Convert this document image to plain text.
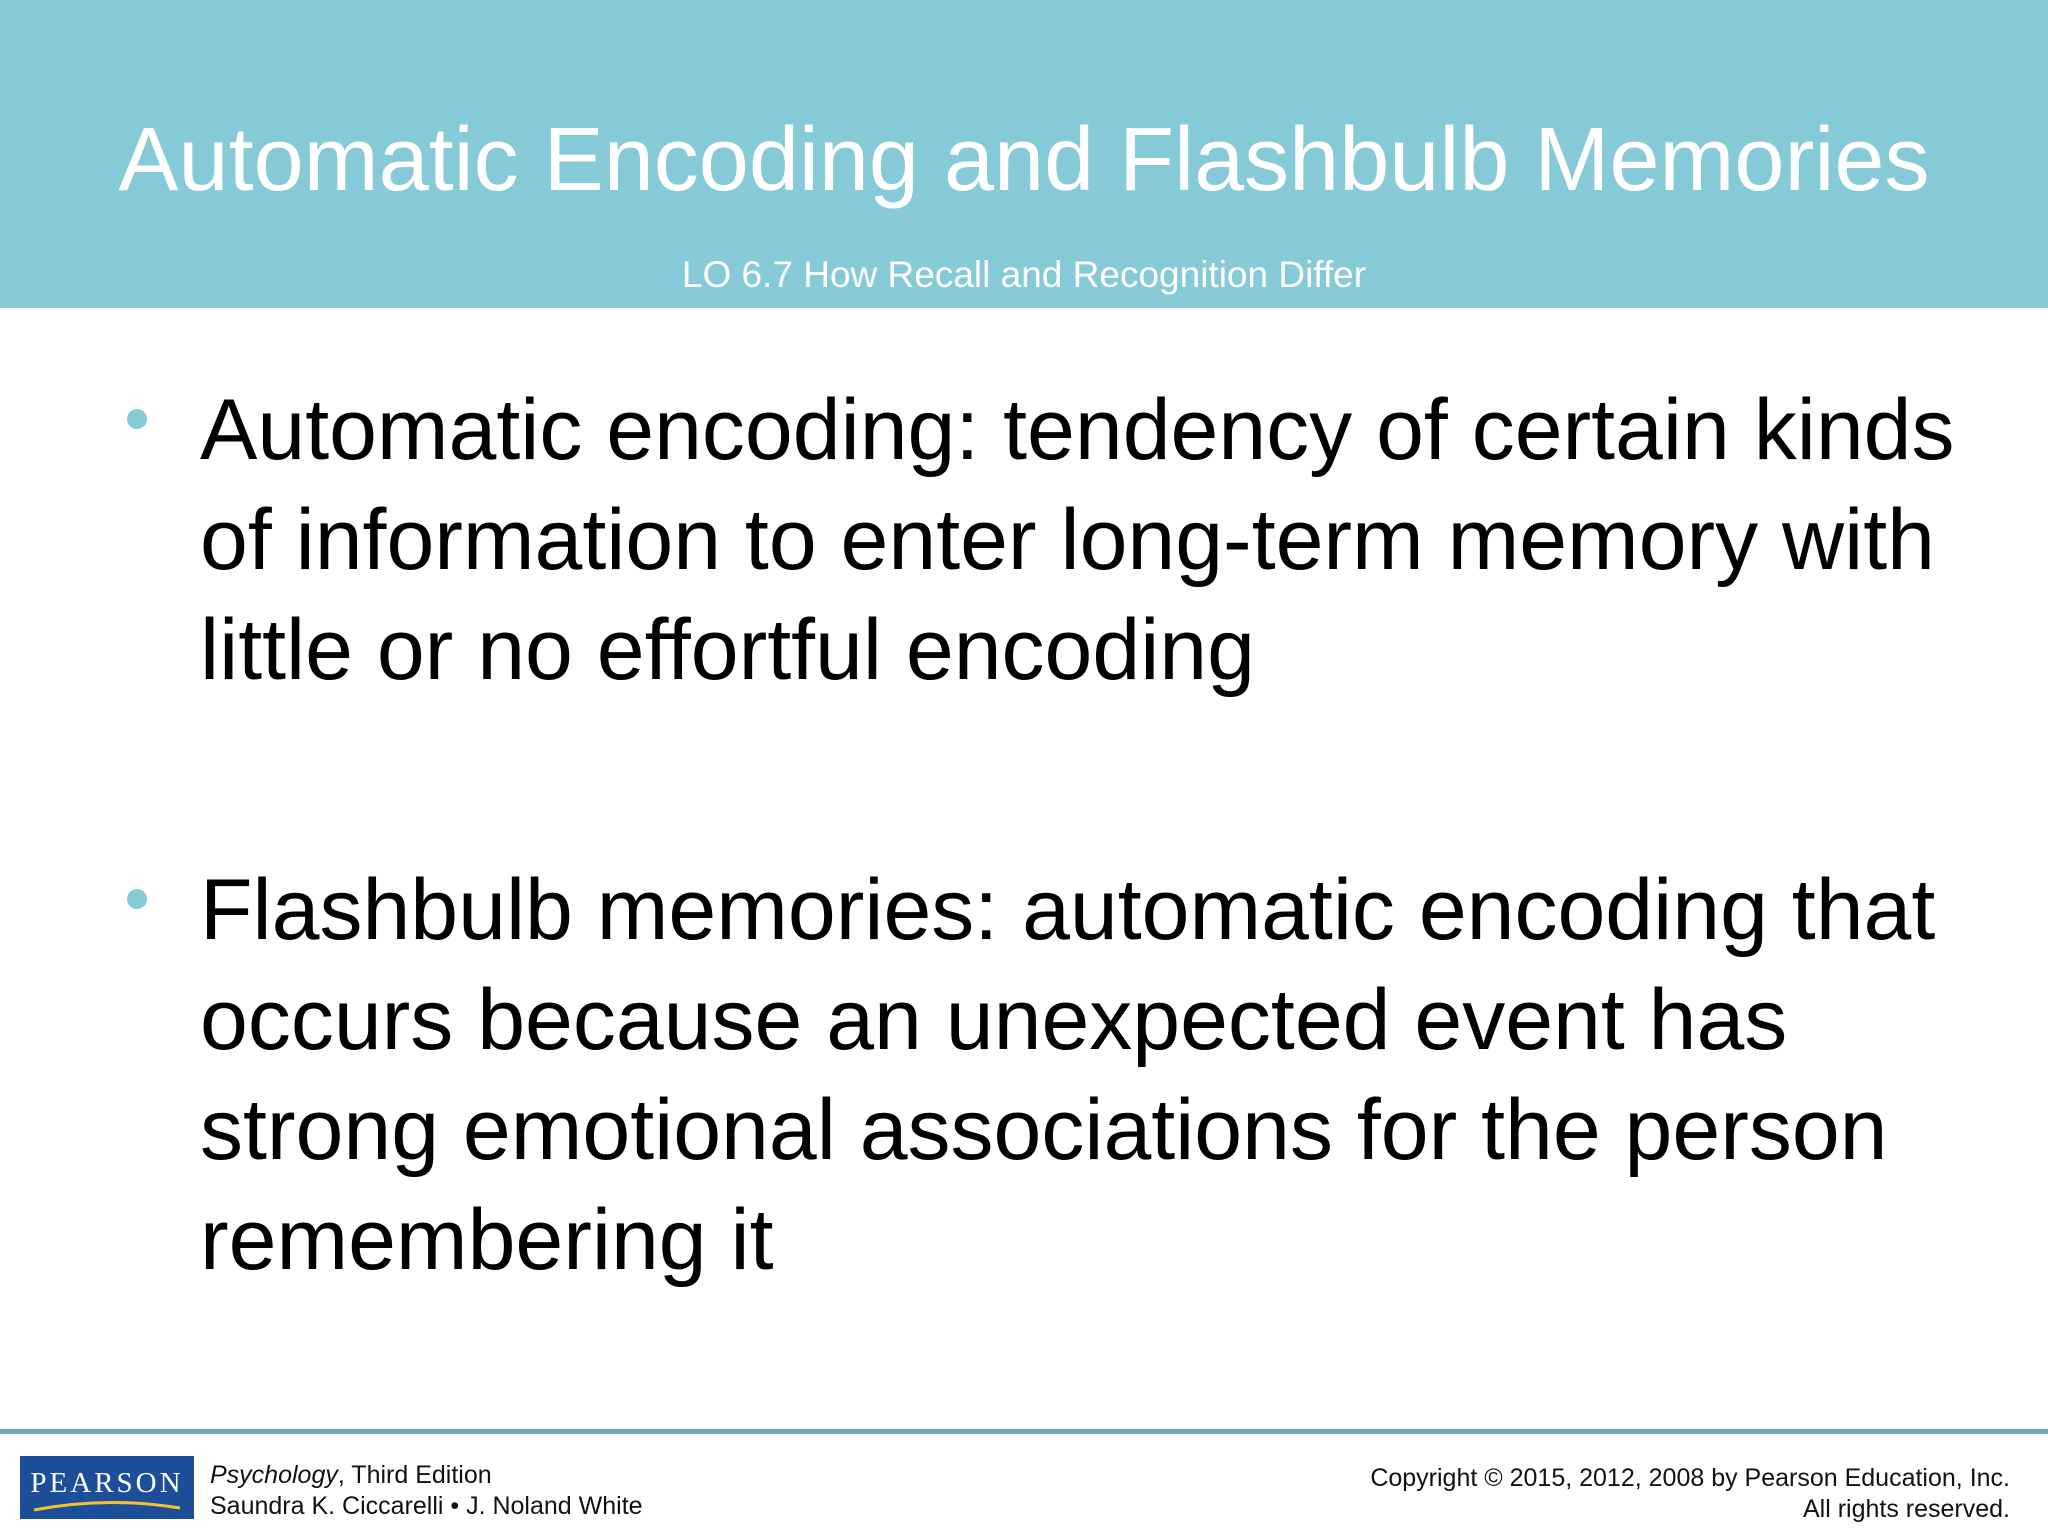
Automatic Encoding and Flashbulb Memories
LO 6.7 How Recall and Recognition Differ
Automatic encoding: tendency of certain kinds of information to enter long-term memory with little or no effortful encoding
Flashbulb memories: automatic encoding that occurs because an unexpected event has strong emotional associations for the person remembering it
PEARSON	Psychology, Third Edition
Saundra K. Ciccarelli • J. Noland White
Copyright © 2015, 2012, 2008 by Pearson Education, Inc.
All rights reserved.
